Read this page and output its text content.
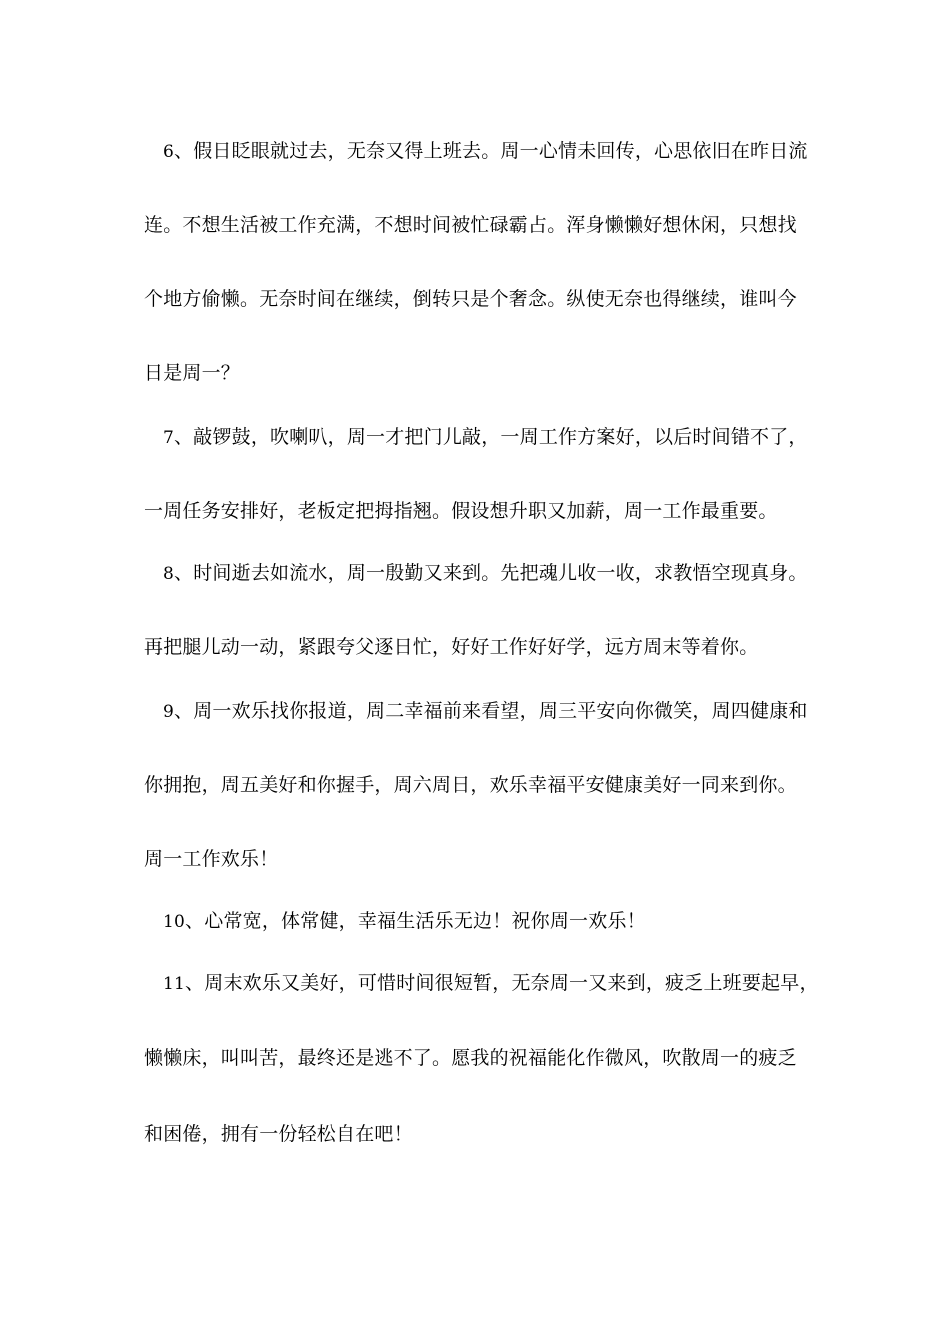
6、假日眨眼就过去，无奈又得上班去。周一心情未回传，心思依旧在昨日流
连。不想生活被工作充满，不想时间被忙碌霸占。浑身懒懒好想休闲，只想找
个地方偷懒。无奈时间在继续，倒转只是个奢念。纵使无奈也得继续，谁叫今
日是周一？
7、敲锣鼓，吹喇叭，周一才把门儿敲，一周工作方案好，以后时间错不了，
一周任务安排好，老板定把拇指翘。假设想升职又加薪，周一工作最重要。
8、时间逝去如流水，周一殷勤又来到。先把魂儿收一收，求教悟空现真身。
再把腿儿动一动，紧跟夸父逐日忙，好好工作好好学，远方周末等着你。
9、周一欢乐找你报道，周二幸福前来看望，周三平安向你微笑，周四健康和
你拥抱，周五美好和你握手，周六周日，欢乐幸福平安健康美好一同来到你。
周一工作欢乐！
10、心常宽，体常健，幸福生活乐无边！祝你周一欢乐！
11、周末欢乐又美好，可惜时间很短暂，无奈周一又来到，疲乏上班要起早，
懒懒床，叫叫苦，最终还是逃不了。愿我的祝福能化作微风，吹散周一的疲乏
和困倦，拥有一份轻松自在吧！
